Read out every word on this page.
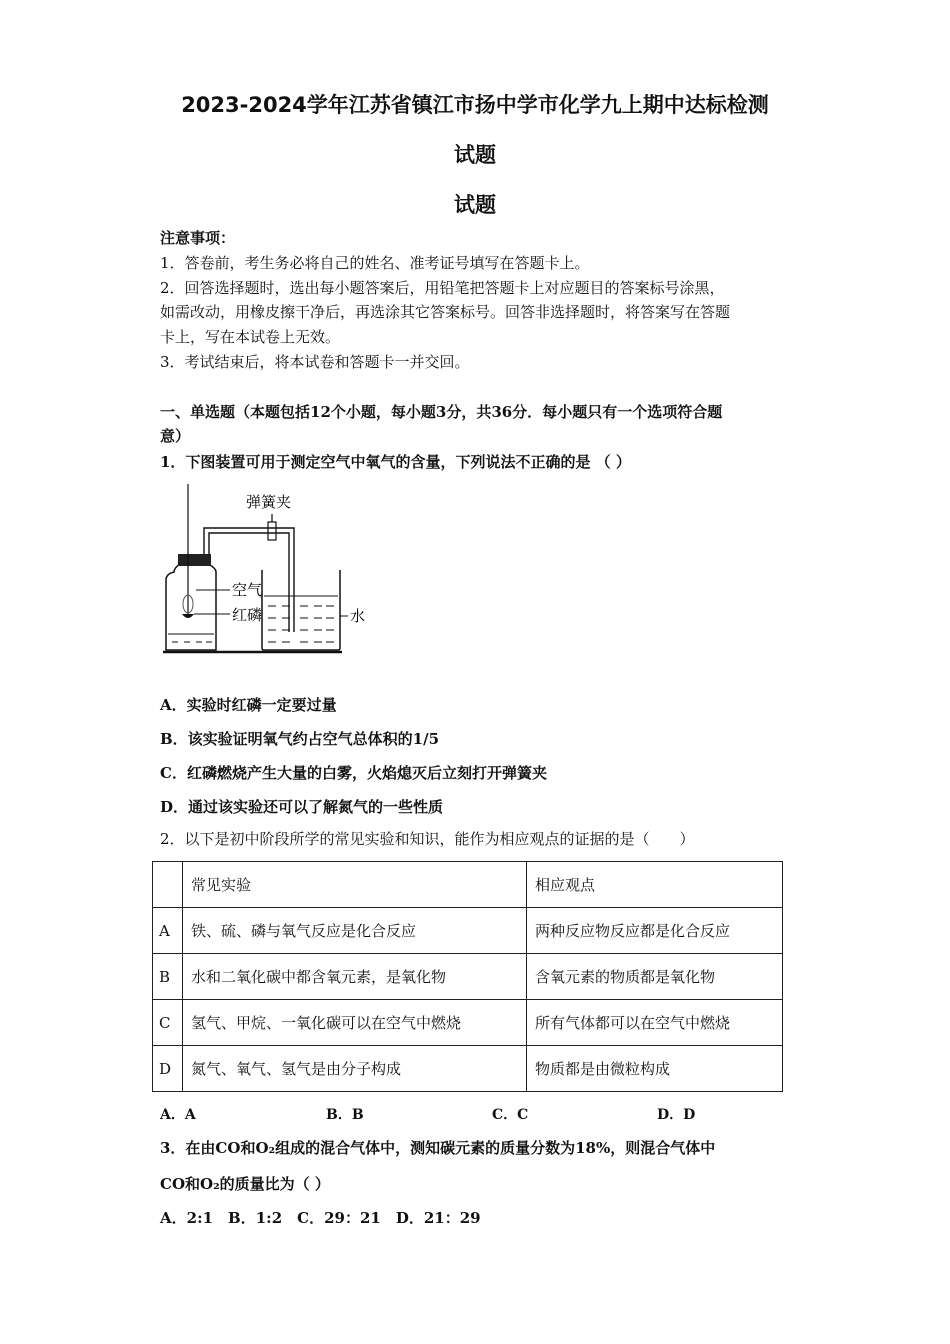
2023-2024学年江苏省镇江市扬中学市化学九上期中达标检测
试题
试题
注意事项：
1．答卷前，考生务必将自己的姓名、准考证号填写在答题卡上。
2．回答选择题时，选出每小题答案后，用铅笔把答题卡上对应题目的答案标号涂黑，
如需改动，用橡皮擦干净后，再选涂其它答案标号。回答非选择题时，将答案写在答题
卡上，写在本试卷上无效。
3．考试结束后，将本试卷和答题卡一并交回。
一、单选题（本题包括12个小题，每小题3分，共36分．每小题只有一个选项符合题
意）
1．下图装置可用于测定空气中氧气的含量，下列说法不正确的是 （ ）
弹簧夹
空气
红磷	水
A．实验时红磷一定要过量
B．该实验证明氧气约占空气总体积的1/5
C．红磷燃烧产生大量的白雾，火焰熄灭后立刻打开弹簧夹
D．通过该实验还可以了解氮气的一些性质
2．以下是初中阶段所学的常见实验和知识，能作为相应观点的证据的是（　　）
	常见实验	相应观点
A	铁、硫、磷与氧气反应是化合反应	两种反应物反应都是化合反应
B	水和二氧化碳中都含氧元素，是氧化物	含氧元素的物质都是氧化物
C	氢气、甲烷、一氧化碳可以在空气中燃烧	所有气体都可以在空气中燃烧
D	氮气、氧气、氢气是由分子构成	物质都是由微粒构成
A．A	B．B	C．C	D．D
3．在由CO和O₂组成的混合气体中，测知碳元素的质量分数为18%，则混合气体中
CO和O₂的质量比为（ ）
A．2:1　B．1:2　C．29：21　D．21：29
